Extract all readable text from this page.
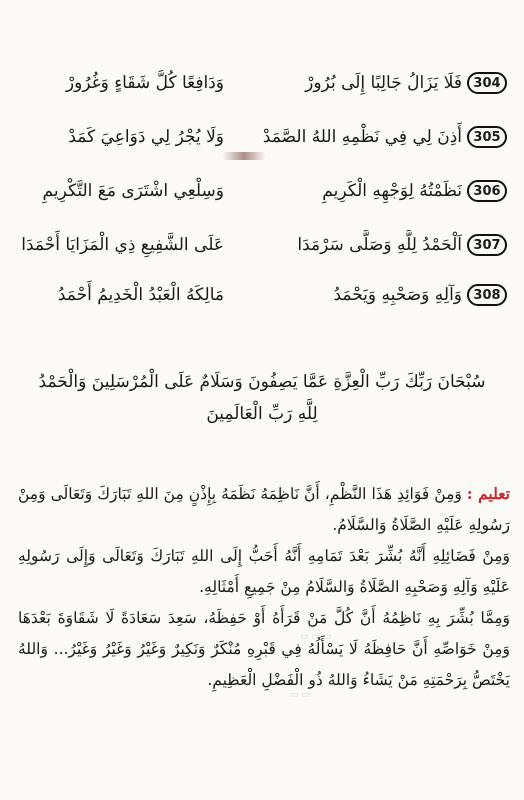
304
فَلَا يَزَالُ جَالِبًا إِلَى بُرُورْ
وَدَافِعًا كُلَّ شَقَاءٍ وَغُرُورْ
305
أَذِنَ لِي فِي نَظْمِهِ اللهُ الصَّمَدْ
وَلَا يُجْرُ لِي دَوَاعِيَ كَمَدْ
306
نَظَمْتُهُ لِوَجْهِهِ الْكَرِيمِ
وَسِلْعِي اشْتَرَى مَعَ التَّكْرِيمِ
307
اَلْحَمْدُ لِلَّهِ وَصَلَّى سَرْمَدَا
عَلَى الشَّفِيعِ ذِي الْمَزَايَا أَحْمَدَا
308
وَآلِهِ وَصَحْبِهِ وَيَحْمَدُ
مَالِكَهُ الْعَبْدُ الْخَدِيمُ أَحْمَدُ
سُبْحَانَ رَبِّكَ رَبِّ الْعِزَّةِ عَمَّا يَصِفُونَ وَسَلَامٌ عَلَى الْمُرْسَلِينَ وَالْحَمْدُ
لِلَّهِ رَبِّ الْعَالَمِينَ

تعليم : وَمِنْ فَوَائِدِ هَذَا النَّظْمِ، أَنَّ نَاظِمَهُ نَظَمَهُ بِإِذْنٍ مِنَ اللهِ تَبَارَكَ وَتَعَالَى وَمِنْ رَسُولِهِ عَلَيْهِ الصَّلَاةُ وَالسَّلَامُ.

وَمِنْ فَضَائِلِهِ أَنَّهُ بُشِّرَ بَعْدَ تَمَامِهِ أَنَّهُ أَحَبُّ إِلَى اللهِ تَبَارَكَ وَتَعَالَى وَإِلَى رَسُولِهِ عَلَيْهِ وَآلِهِ وَصَحْبِهِ الصَّلَاةُ وَالسَّلَامُ مِنْ جَمِيعِ أَمْثَالِهِ.

وَمِمَّا بُشِّرَ بِهِ نَاظِمُهُ أَنَّ كُلَّ مَنْ قَرَأَهُ أَوْ حَفِظَهُ، سَعِدَ سَعَادَةً لَا شَقَاوَةَ بَعْدَهَا وَمِنْ خَوَاصِّهِ أَنَّ حَافِظَهُ لَا يَسْأَلُهُ فِي قَبْرِهِ مُنْكَرٌ وَنَكِيرٌ وَغَيْرُ وَغَيْرُ وَغَيْرُ... وَاللهُ يَخْتَصُّ بِرَحْمَتِهِ مَنْ يَشَاءُ وَاللهُ ذُو الْفَضْلِ الْعَظِيمِ.

▭ ▭ ▭
▭ ▭
